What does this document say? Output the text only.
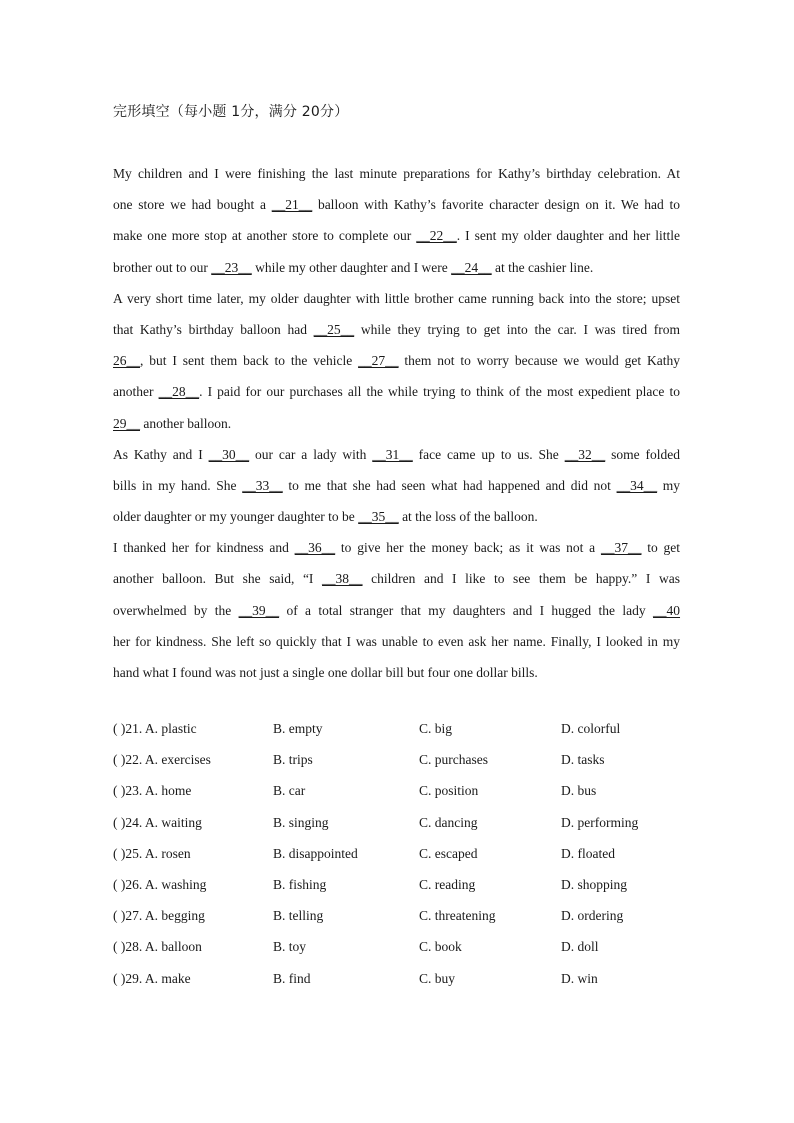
完形填空（每小题 1分，满分 20分）
My children and I were finishing the last minute preparations for Kathy’s birthday celebration. At
one store we had bought a __21__ balloon with Kathy’s favorite character design on it. We had to
make one more stop at another store to complete our __22__. I sent my older daughter and her little
brother out to our __23__ while my other daughter and I were __24__ at the cashier line.
A very short time later, my older daughter with little brother came running back into the store; upset
that Kathy’s birthday balloon had __25__ while they trying to get into the car. I was tired from
26__, but I sent them back to the vehicle __27__ them not to worry because we would get Kathy
another __28__. I paid for our purchases all the while trying to think of the most expedient place to
29__ another balloon.
As Kathy and I __30__ our car a lady with __31__ face came up to us. She __32__ some folded
bills in my hand. She __33__ to me that she had seen what had happened and did not __34__ my
older daughter or my younger daughter to be __35__ at the loss of the balloon.
I thanked her for kindness and __36__ to give her the money back; as it was not a __37__ to get
another balloon. But she said, “I __38__ children and I like to see them be happy.” I was
overwhelmed by the __39__ of a total stranger that my daughters and I hugged the lady __40
her for kindness. She left so quickly that I was unable to even ask her name. Finally, I looked in my
hand what I found was not just a single one dollar bill but four one dollar bills.
( )21. A. plastic	B. empty	C. big	D. colorful
( )22. A. exercises	B. trips	C. purchases	D. tasks
( )23. A. home	B. car	C. position	D. bus
( )24. A. waiting	B. singing	C. dancing	D. performing
( )25. A. rosen	B. disappointed	C. escaped	D. floated
( )26. A. washing	B. fishing	C. reading	D. shopping
( )27. A. begging	B. telling	C. threatening	D. ordering
( )28. A. balloon	B. toy	C. book	D. doll
( )29. A. make	B. find	C. buy	D. win
